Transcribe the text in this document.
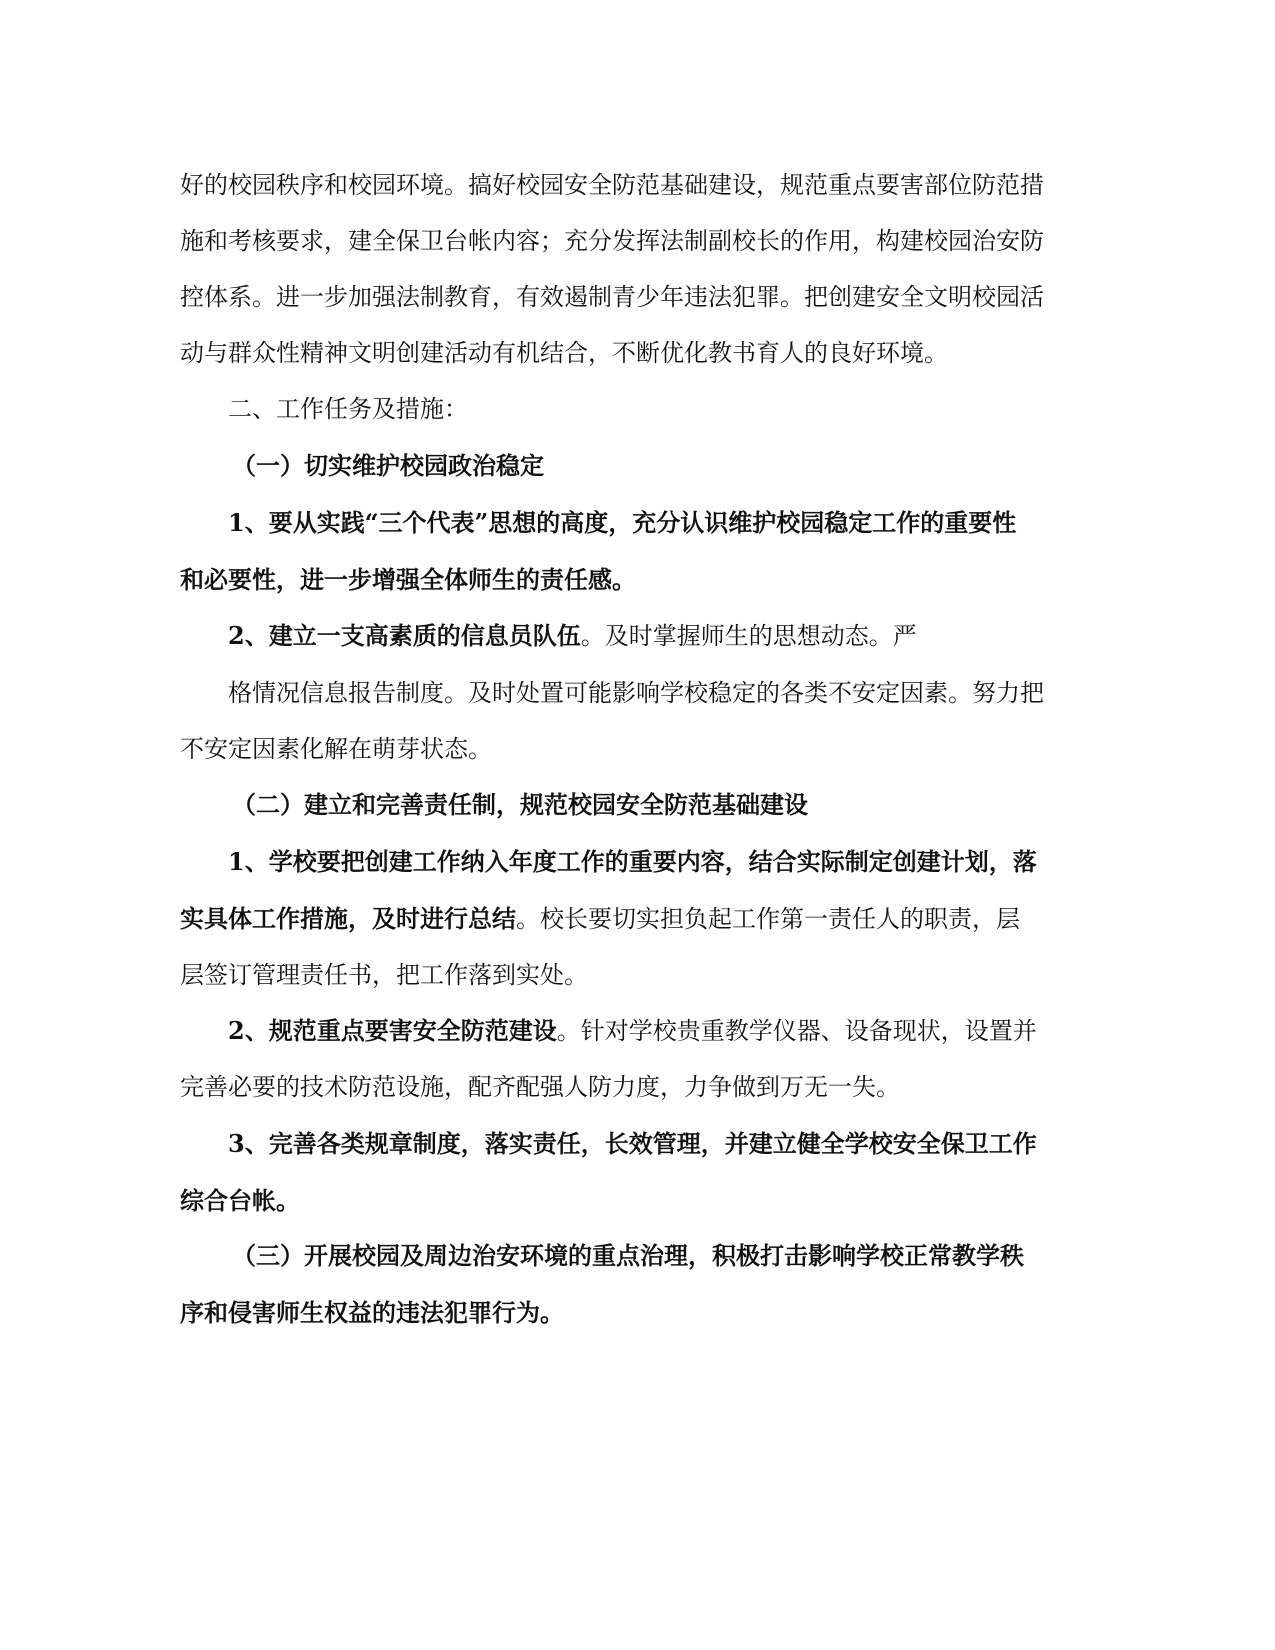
好的校园秩序和校园环境。搞好校园安全防范基础建设，规范重点要害部位防范措
施和考核要求，建全保卫台帐内容；充分发挥法制副校长的作用，构建校园治安防
控体系。进一步加强法制教育，有效遏制青少年违法犯罪。把创建安全文明校园活
动与群众性精神文明创建活动有机结合，不断优化教书育人的良好环境。
二、工作任务及措施：
（一）切实维护校园政治稳定
1、要从实践“三个代表”思想的高度，充分认识维护校园稳定工作的重要性
和必要性，进一步增强全体师生的责任感。
2、建立一支高素质的信息员队伍。及时掌握师生的思想动态。严
格情况信息报告制度。及时处置可能影响学校稳定的各类不安定因素。努力把
不安定因素化解在萌芽状态。
（二）建立和完善责任制，规范校园安全防范基础建设
1、学校要把创建工作纳入年度工作的重要内容，结合实际制定创建计划，落
实具体工作措施，及时进行总结。校长要切实担负起工作第一责任人的职责，层
层签订管理责任书，把工作落到实处。
2、规范重点要害安全防范建设。针对学校贵重教学仪器、设备现状，设置并
完善必要的技术防范设施，配齐配强人防力度，力争做到万无一失。
3、完善各类规章制度，落实责任，长效管理，并建立健全学校安全保卫工作
综合台帐。
（三）开展校园及周边治安环境的重点治理，积极打击影响学校正常教学秩
序和侵害师生权益的违法犯罪行为。
